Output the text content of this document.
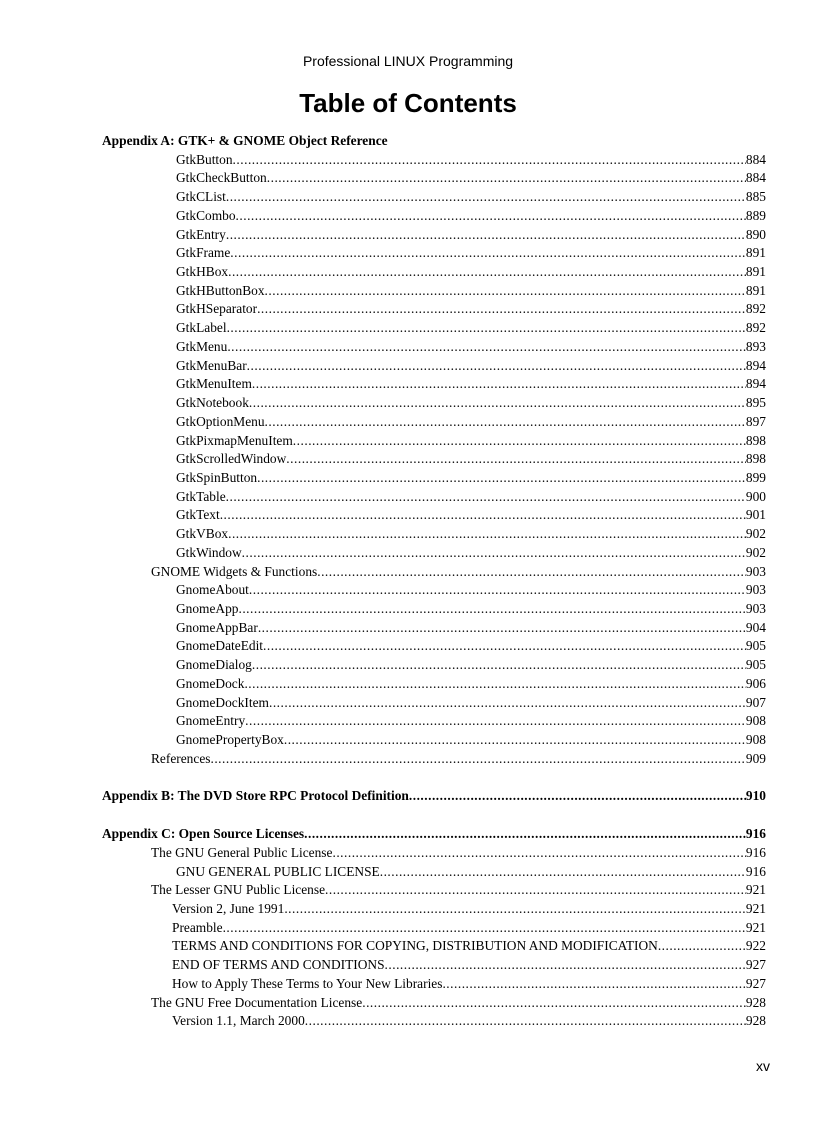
Professional LINUX Programming
Table of Contents
Appendix A: GTK+ & GNOME Object Reference
GtkButton .....	884
GtkCheckButton .....	884
GtkCList .....	885
GtkCombo .....	889
GtkEntry .....	890
GtkFrame .....	891
GtkHBox .....	891
GtkHButtonBox .....	891
GtkHSeparator .....	892
GtkLabel .....	892
GtkMenu .....	893
GtkMenuBar .....	894
GtkMenuItem .....	894
GtkNotebook .....	895
GtkOptionMenu .....	897
GtkPixmapMenuItem .....	898
GtkScrolledWindow .....	898
GtkSpinButton .....	899
GtkTable .....	900
GtkText .....	901
GtkVBox .....	902
GtkWindow .....	902
GNOME Widgets & Functions .....	903
GnomeAbout .....	903
GnomeApp .....	903
GnomeAppBar .....	904
GnomeDateEdit .....	905
GnomeDialog .....	905
GnomeDock .....	906
GnomeDockItem .....	907
GnomeEntry .....	908
GnomePropertyBox .....	908
References .....	909
Appendix B: The DVD Store RPC Protocol Definition .....	910
Appendix C: Open Source Licenses .....	916
The GNU General Public License .....	916
GNU GENERAL PUBLIC LICENSE .....	916
The Lesser GNU Public License .....	921
Version 2, June 1991 .....	921
Preamble .....	921
TERMS AND CONDITIONS FOR COPYING, DISTRIBUTION AND MODIFICATION .....	922
END OF TERMS AND CONDITIONS .....	927
How to Apply These Terms to Your New Libraries .....	927
The GNU Free Documentation License .....	928
Version 1.1, March 2000 .....	928
xv
